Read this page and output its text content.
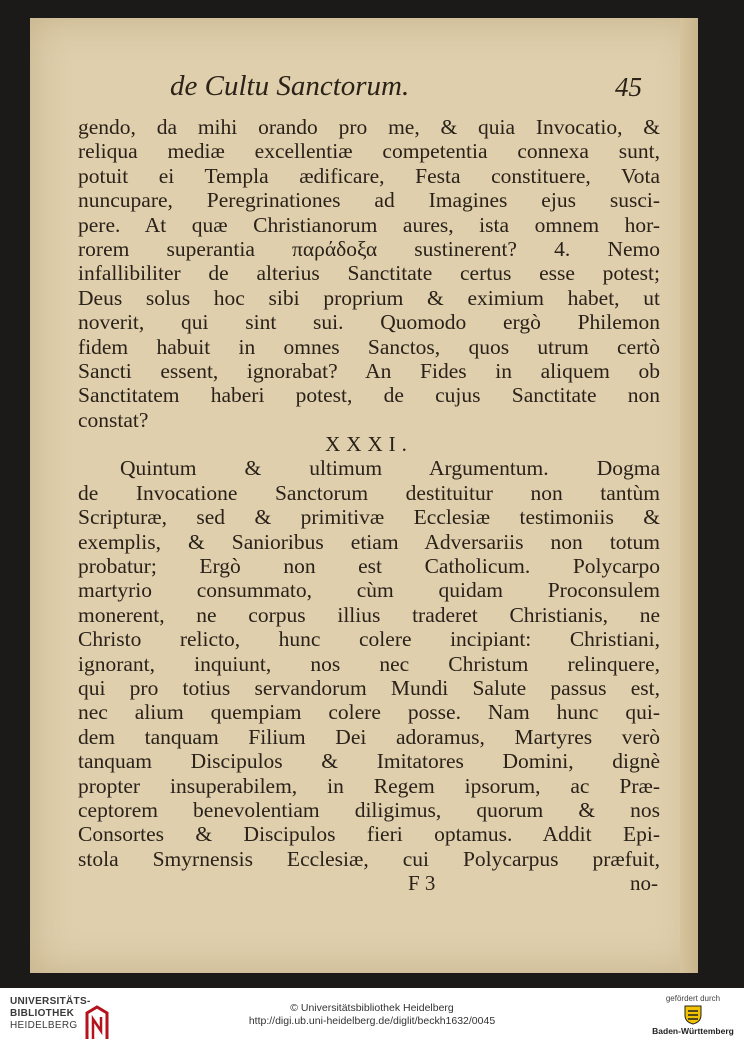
de Cultu Sanctorum.	45
gendo, da mihi orando pro me, & quia Invocatio, &
reliqua mediæ excellentiæ competentia connexa sunt,
potuit ei Templa ædificare, Festa constituere, Vota
nuncupare, Peregrinationes ad Imagines ejus susci-
pere. At quæ Christianorum aures, ista omnem hor-
rorem superantia παράδοξα sustinerent? 4. Nemo
infallibiliter de alterius Sanctitate certus esse potest;
Deus solus hoc sibi proprium & eximium habet, ut
noverit, qui sint sui. Quomodo ergò Philemon
fidem habuit in omnes Sanctos, quos utrum certò
Sancti essent, ignorabat? An Fides in aliquem ob
Sanctitatem haberi potest, de cujus Sanctitate non
constat?
XXXI.
Quintum & ultimum Argumentum. Dogma
de Invocatione Sanctorum destituitur non tantùm
Scripturæ, sed & primitivæ Ecclesiæ testimoniis &
exemplis, & Sanioribus etiam Adversariis non totum
probatur; Ergò non est Catholicum. Polycarpo
martyrio consummato, cùm quidam Proconsulem
monerent, ne corpus illius traderet Christianis, ne
Christo relicto, hunc colere incipiant: Christiani,
ignorant, inquiunt, nos nec Christum relinquere,
qui pro totius servandorum Mundi Salute passus est,
nec alium quempiam colere posse. Nam hunc qui-
dem tanquam Filium Dei adoramus, Martyres verò
tanquam Discipulos & Imitatores Domini, dignè
propter insuperabilem, in Regem ipsorum, ac Præ-
ceptorem benevolentiam diligimus, quorum & nos
Consortes & Discipulos fieri optamus. Addit Epi-
stola Smyrnensis Ecclesiæ, cui Polycarpus præfuit,
F 3	no-
UNIVERSITÄTS-
BIBLIOTHEK
HEIDELBERG
© Universitätsbibliothek Heidelberg
http://digi.ub.uni-heidelberg.de/diglit/beckh1632/0045
gefördert durch
Baden-Württemberg
